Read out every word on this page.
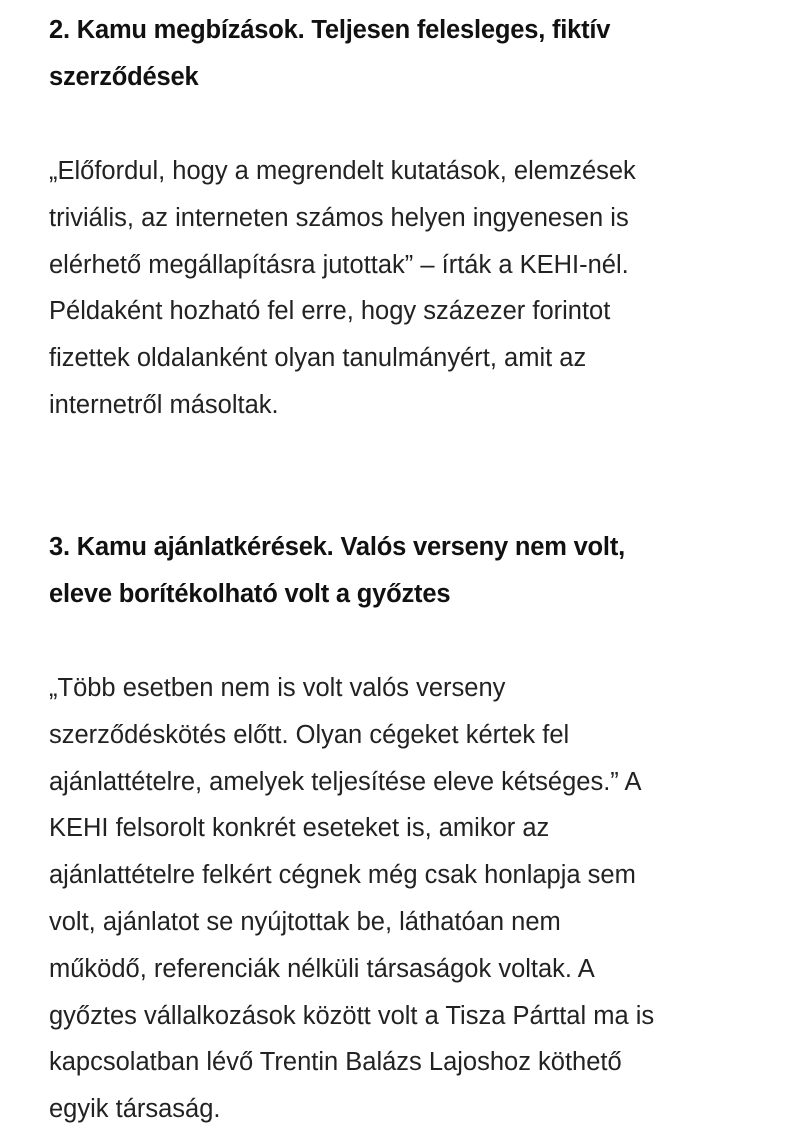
2. Kamu megbízások. Teljesen felesleges, fiktív
szerződések

„Előfordul, hogy a megrendelt kutatások, elemzések
triviális, az interneten számos helyen ingyenesen is
elérhető megállapításra jutottak” – írták a KEHI-nél.
Példaként hozható fel erre, hogy százezer forintot
fizettek oldalanként olyan tanulmányért, amit az
internetről másoltak.

3. Kamu ajánlatkérések. Valós verseny nem volt,
eleve borítékolható volt a győztes

„Több esetben nem is volt valós verseny
szerződéskötés előtt. Olyan cégeket kértek fel
ajánlattételre, amelyek teljesítése eleve kétséges.” A
KEHI felsorolt konkrét eseteket is, amikor az
ajánlattételre felkért cégnek még csak honlapja sem
volt, ajánlatot se nyújtottak be, láthatóan nem
működő, referenciák nélküli társaságok voltak. A
győztes vállalkozások között volt a Tisza Párttal ma is
kapcsolatban lévő Trentin Balázs Lajoshoz köthető
egyik társaság.
